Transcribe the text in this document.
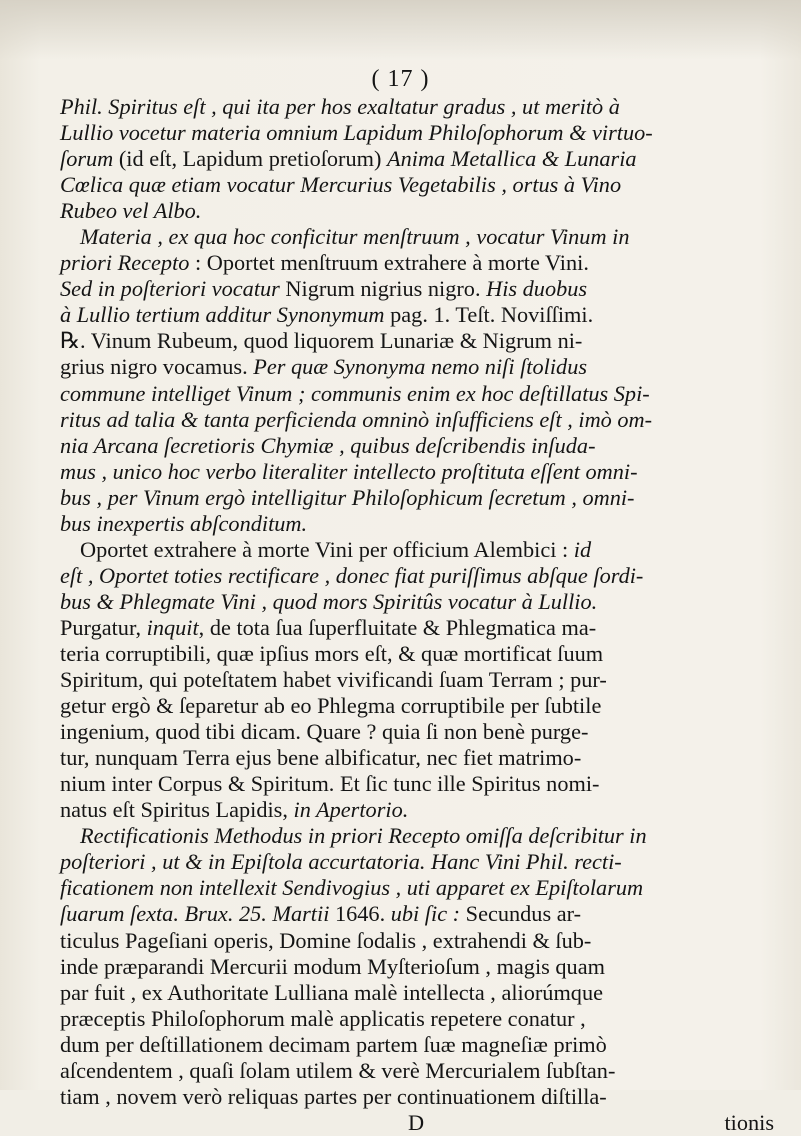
( 17 )
Phil. Spiritus eſt , qui ita per hos exaltatur gradus , ut meritò à
Lullio vocetur materia omnium Lapidum Philoſophorum & virtuo-
ſorum (id eſt, Lapidum pretioſorum) Anima Metallica & Lunaria
Cœlica quæ etiam vocatur Mercurius Vegetabilis , ortus à Vino
Rubeo vel Albo.
Materia , ex qua hoc conficitur menſtruum , vocatur Vinum in
priori Recepto : Oportet menſtruum extrahere à morte Vini.
Sed in poſteriori vocatur Nigrum nigrius nigro. His duobus
à Lullio tertium additur Synonymum pag. 1. Teſt. Noviſſimi.
℞. Vinum Rubeum, quod liquorem Lunariæ & Nigrum ni-
grius nigro vocamus. Per quæ Synonyma nemo niſi ſtolidus
commune intelliget Vinum ; communis enim ex hoc deſtillatus Spi-
ritus ad talia & tanta perficienda omninò inſufficiens eſt , imò om-
nia Arcana ſecretioris Chymiæ , quibus deſcribendis inſuda-
mus , unico hoc verbo literaliter intellecto proſtituta eſſent omni-
bus , per Vinum ergò intelligitur Philoſophicum ſecretum , omni-
bus inexpertis abſconditum.
Oportet extrahere à morte Vini per officium Alembici : id
eſt , Oportet toties rectificare , donec fiat puriſſimus abſque ſordi-
bus & Phlegmate Vini , quod mors Spiritûs vocatur à Lullio.
Purgatur, inquit, de tota ſua ſuperfluitate & Phlegmatica ma-
teria corruptibili, quæ ipſius mors eſt, & quæ mortificat ſuum
Spiritum, qui poteſtatem habet vivificandi ſuam Terram ; pur-
getur ergò & ſeparetur ab eo Phlegma corruptibile per ſubtile
ingenium, quod tibi dicam. Quare ? quia ſi non benè purge-
tur, nunquam Terra ejus bene albificatur, nec fiet matrimo-
nium inter Corpus & Spiritum. Et ſic tunc ille Spiritus nomi-
natus eſt Spiritus Lapidis, in Apertorio.
Rectificationis Methodus in priori Recepto omiſſa deſcribitur in
poſteriori , ut & in Epiſtola accurtatoria. Hanc Vini Phil. recti-
ficationem non intellexit Sendivogius , uti apparet ex Epiſtolarum
ſuarum ſexta. Brux. 25. Martii 1646. ubi ſic : Secundus ar-
ticulus Pageſiani operis, Domine ſodalis , extrahendi & ſub-
inde præparandi Mercurii modum Myſterioſum , magis quam
par fuit , ex Authoritate Lulliana malè intellecta , aliorúmque
præceptis Philoſophorum malè applicatis repetere conatur ,
dum per deſtillationem decimam partem ſuæ magneſiæ primò
aſcendentem , quaſi ſolam utilem & verè Mercurialem ſubſtan-
tiam , novem verò reliquas partes per continuationem diſtilla-
D	tionis
